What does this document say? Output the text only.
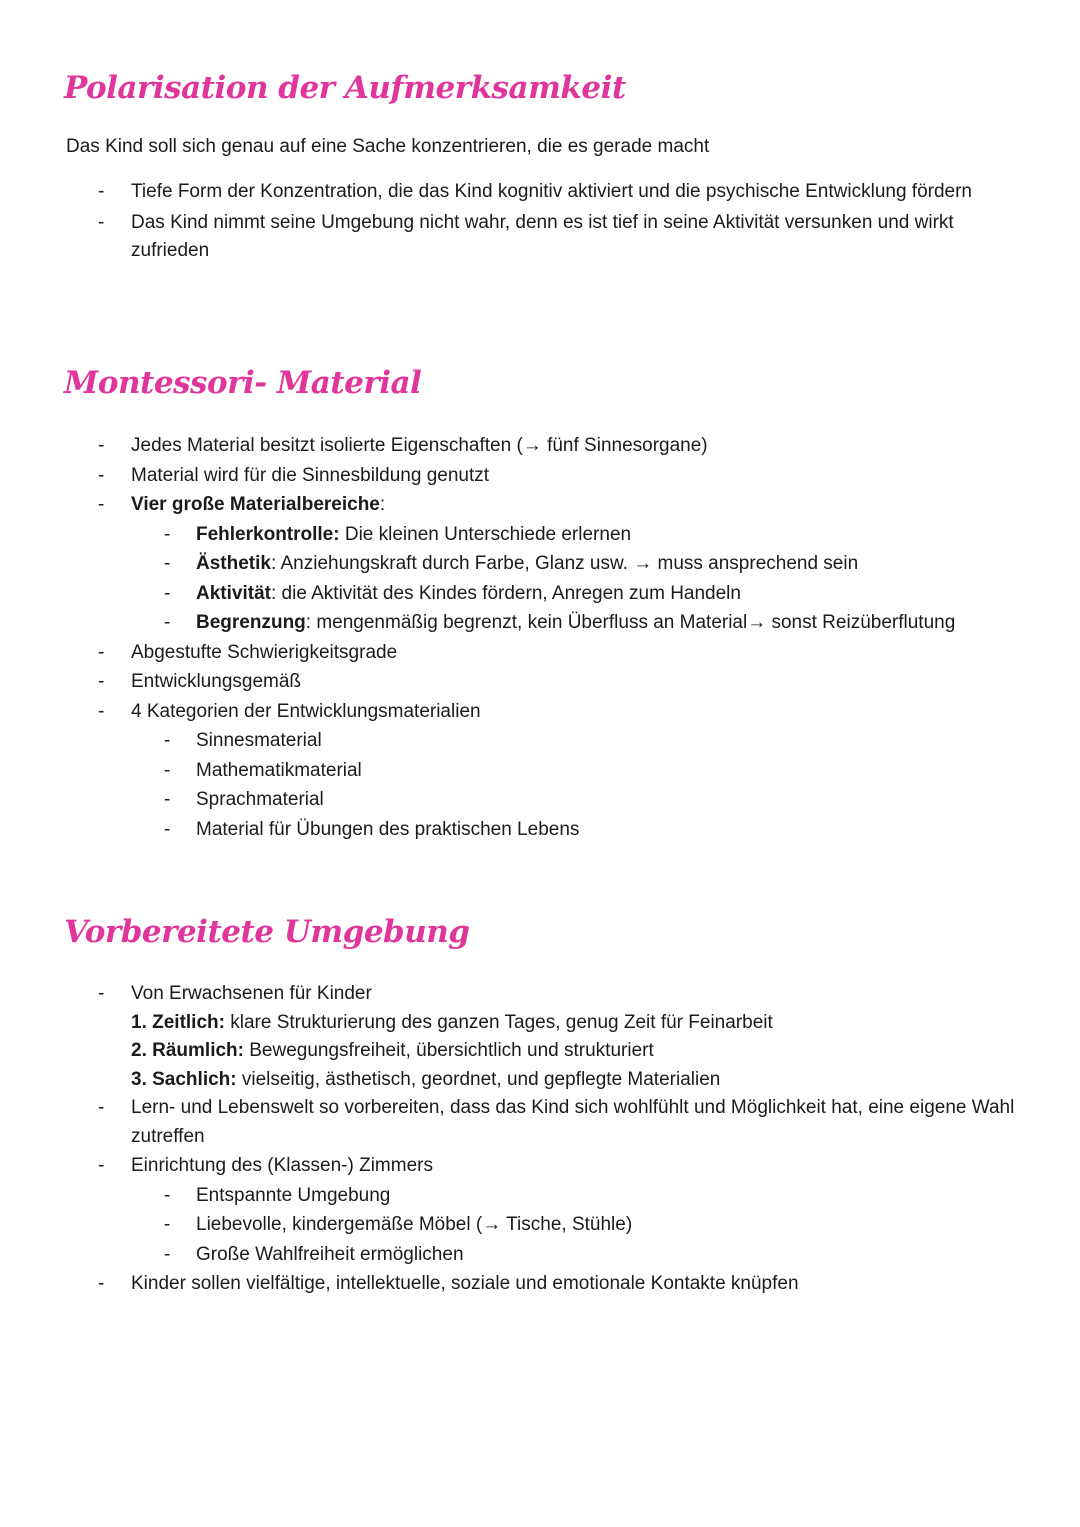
Polarisation der Aufmerksamkeit

Das Kind soll sich genau auf eine Sache konzentrieren, die es gerade macht

- Tiefe Form der Konzentration, die das Kind kognitiv aktiviert und die psychische Entwicklung fördern
- Das Kind nimmt seine Umgebung nicht wahr, denn es ist tief in seine Aktivität versunken und wirkt zufrieden
Montessori- Material
- Jedes Material besitzt isolierte Eigenschaften (→ fünf Sinnesorgane)
- Material wird für die Sinnesbildung genutzt
- Vier große Materialbereiche:
- Fehlerkontrolle: Die kleinen Unterschiede erlernen
- Ästhetik: Anziehungskraft durch Farbe, Glanz usw. → muss ansprechend sein
- Aktivität: die Aktivität des Kindes fördern, Anregen zum Handeln
- Begrenzung: mengenmäßig begrenzt, kein Überfluss an Material→ sonst Reizüberflutung
- Abgestufte Schwierigkeitsgrade
- Entwicklungsgemäß
- 4 Kategorien der Entwicklungsmaterialien
- Sinnesmaterial
- Mathematikmaterial
- Sprachmaterial
- Material für Übungen des praktischen Lebens
Vorbereitete Umgebung
- Von Erwachsenen für Kinder
1. Zeitlich: klare Strukturierung des ganzen Tages, genug Zeit für Feinarbeit
2. Räumlich: Bewegungsfreiheit, übersichtlich und strukturiert
3. Sachlich: vielseitig, ästhetisch, geordnet, und gepflegte Materialien
- Lern- und Lebenswelt so vorbereiten, dass das Kind sich wohlfühlt und Möglichkeit hat, eine eigene Wahl zutreffen
- Einrichtung des (Klassen-) Zimmers
- Entspannte Umgebung
- Liebevolle, kindergemäße Möbel (→ Tische, Stühle)
- Große Wahlfreiheit ermöglichen
- Kinder sollen vielfältige, intellektuelle, soziale und emotionale Kontakte knüpfen
